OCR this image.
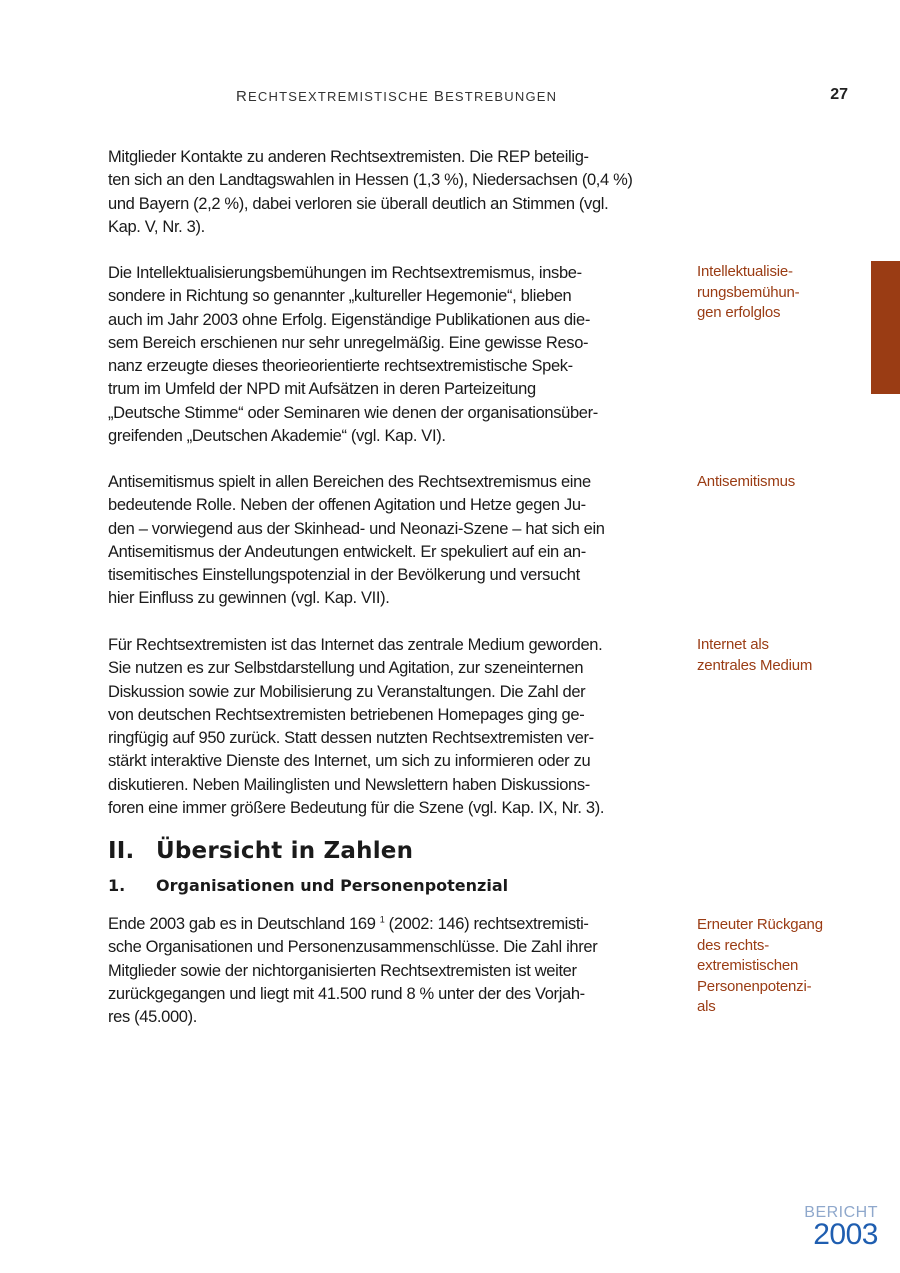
RECHTSEXTREMISTISCHE BESTREBUNGEN	27

Mitglieder Kontakte zu anderen Rechtsextremisten. Die REP beteilig-
ten sich an den Landtagswahlen in Hessen (1,3 %), Niedersachsen (0,4 %)
und Bayern (2,2 %), dabei verloren sie überall deutlich an Stimmen (vgl.
Kap. V, Nr. 3).

Die Intellektualisierungsbemühungen im Rechtsextremismus, insbe-
sondere in Richtung so genannter „kultureller Hegemonie“, blieben
auch im Jahr 2003 ohne Erfolg. Eigenständige Publikationen aus die-
sem Bereich erschienen nur sehr unregelmäßig. Eine gewisse Reso-
nanz erzeugte dieses theorieorientierte rechtsextremistische Spek-
trum im Umfeld der NPD mit Aufsätzen in deren Parteizeitung
„Deutsche Stimme“ oder Seminaren wie denen der organisationsüber-
greifenden „Deutschen Akademie“ (vgl. Kap. VI).

Intellektualisie-
rungsbemühun-
gen erfolglos

Antisemitismus spielt in allen Bereichen des Rechtsextremismus eine
bedeutende Rolle. Neben der offenen Agitation und Hetze gegen Ju-
den – vorwiegend aus der Skinhead- und Neonazi-Szene – hat sich ein
Antisemitismus der Andeutungen entwickelt. Er spekuliert auf ein an-
tisemitisches Einstellungspotenzial in der Bevölkerung und versucht
hier Einfluss zu gewinnen (vgl. Kap. VII).

Antisemitismus

Für Rechtsextremisten ist das Internet das zentrale Medium geworden.
Sie nutzen es zur Selbstdarstellung und Agitation, zur szeneinternen
Diskussion sowie zur Mobilisierung zu Veranstaltungen. Die Zahl der
von deutschen Rechtsextremisten betriebenen Homepages ging ge-
ringfügig auf 950 zurück. Statt dessen nutzten Rechtsextremisten ver-
stärkt interaktive Dienste des Internet, um sich zu informieren oder zu
diskutieren. Neben Mailinglisten und Newslettern haben Diskussions-
foren eine immer größere Bedeutung für die Szene (vgl. Kap. IX, Nr. 3).

Internet als
zentrales Medium
II. Übersicht in Zahlen
1. Organisationen und Personenpotenzial

Ende 2003 gab es in Deutschland 169 $^1$ (2002: 146) rechtsextremisti-
sche Organisationen und Personenzusammenschlüsse. Die Zahl ihrer
Mitglieder sowie der nichtorganisierten Rechtsextremisten ist weiter
zurückgegangen und liegt mit 41.500 rund 8 % unter der des Vorjah-
res (45.000).

Erneuter Rückgang
des rechts-
extremistischen
Personenpotenzi-
als
BERICHT
2003
